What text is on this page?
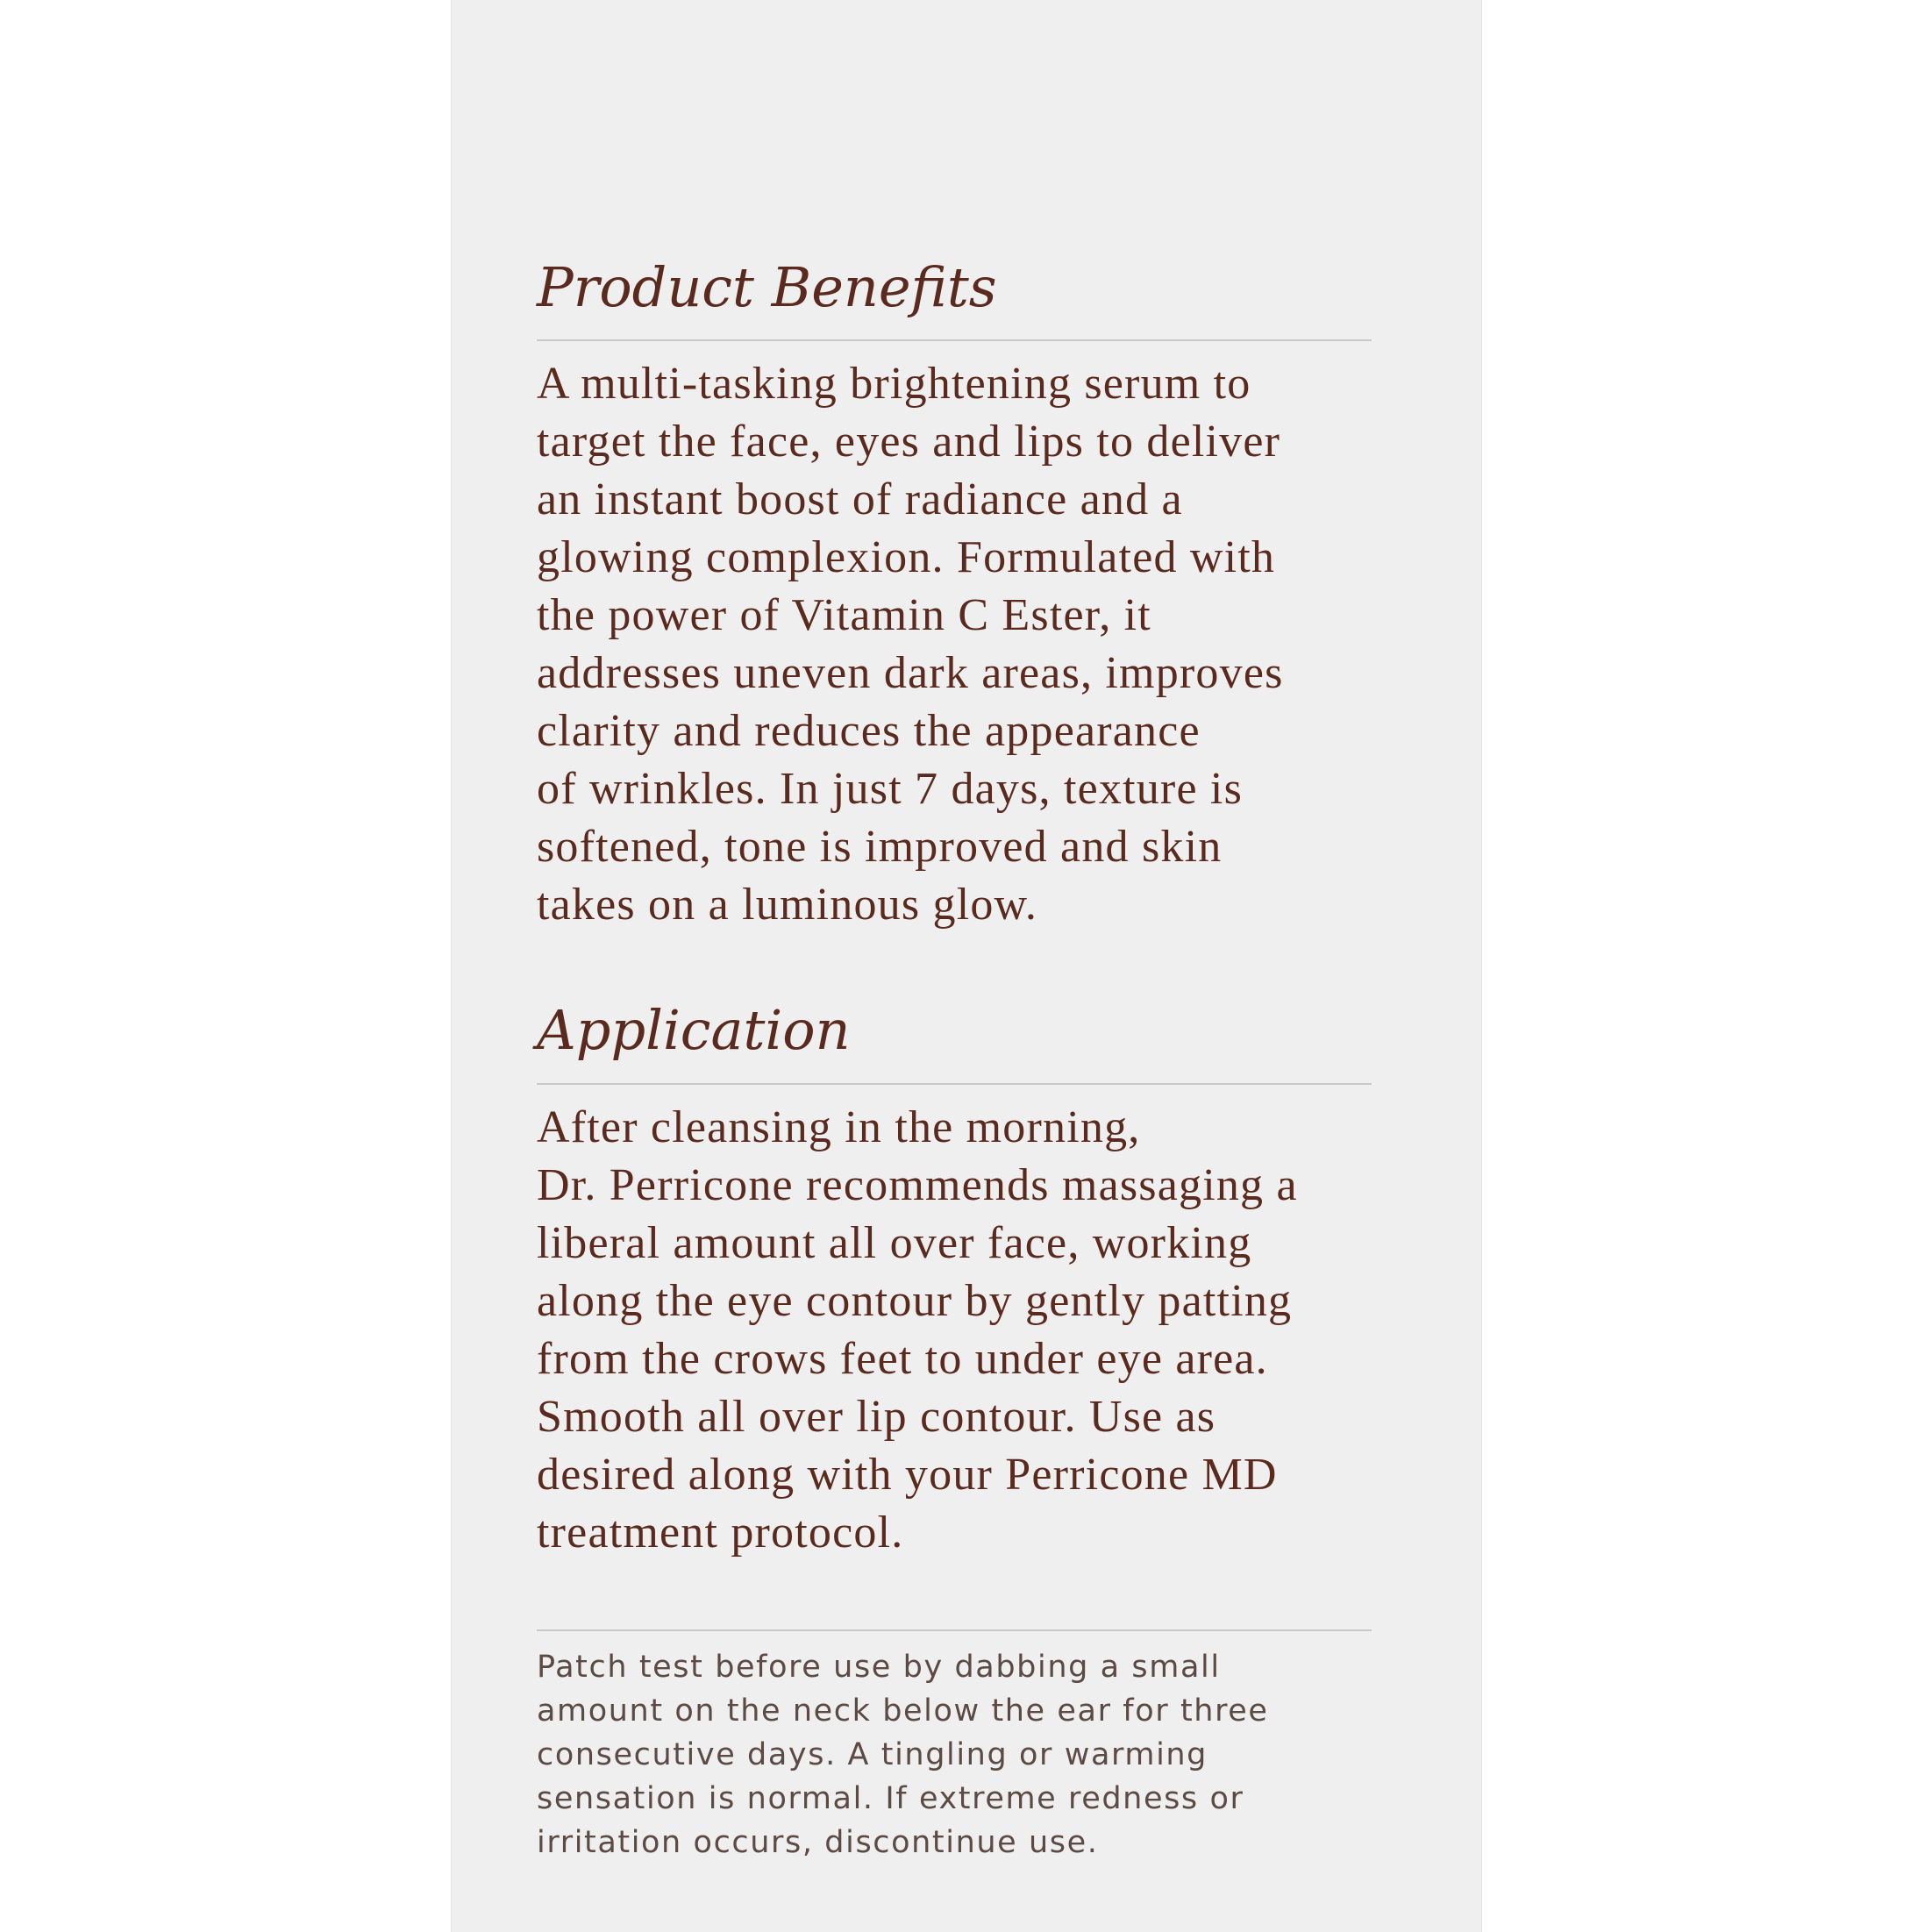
Product Benefits

A multi-tasking brightening serum to
target the face, eyes and lips to deliver
an instant boost of radiance and a
glowing complexion. Formulated with
the power of Vitamin C Ester, it
addresses uneven dark areas, improves
clarity and reduces the appearance
of wrinkles. In just 7 days, texture is
softened, tone is improved and skin
takes on a luminous glow.

Application

After cleansing in the morning,
Dr. Perricone recommends massaging a
liberal amount all over face, working
along the eye contour by gently patting
from the crows feet to under eye area.
Smooth all over lip contour. Use as
desired along with your Perricone MD
treatment protocol.

Patch test before use by dabbing a small
amount on the neck below the ear for three
consecutive days. A tingling or warming
sensation is normal. If extreme redness or
irritation occurs, discontinue use.
